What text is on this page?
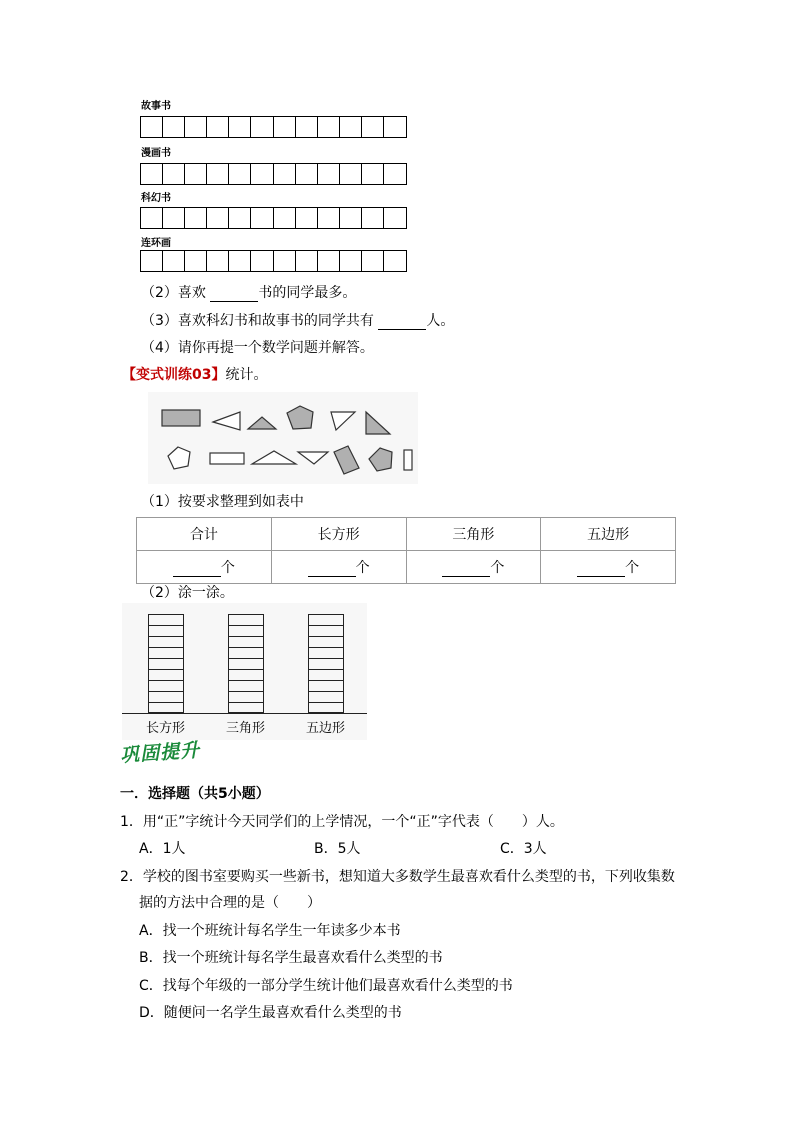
故事书
漫画书
科幻书
连环画
（2）喜欢	书的同学最多。
（3）喜欢科幻书和故事书的同学共有	人。
（4）请你再提一个数学问题并解答。
【变式训练03】统计。
（1）按要求整理到如表中
合计	长方形	三角形	五边形
个	个	个	个
（2）涂一涂。
长方形	三角形	五边形
巩固提升
一．选择题（共5小题）
1．用“正”字统计今天同学们的上学情况，一个“正”字代表（　　）人。
A．1人	B．5人	C．3人
2．学校的图书室要购买一些新书，想知道大多数学生最喜欢看什么类型的书，下列收集数
据的方法中合理的是（　　）
A．找一个班统计每名学生一年读多少本书
B．找一个班统计每名学生最喜欢看什么类型的书
C．找每个年级的一部分学生统计他们最喜欢看什么类型的书
D．随便问一名学生最喜欢看什么类型的书
